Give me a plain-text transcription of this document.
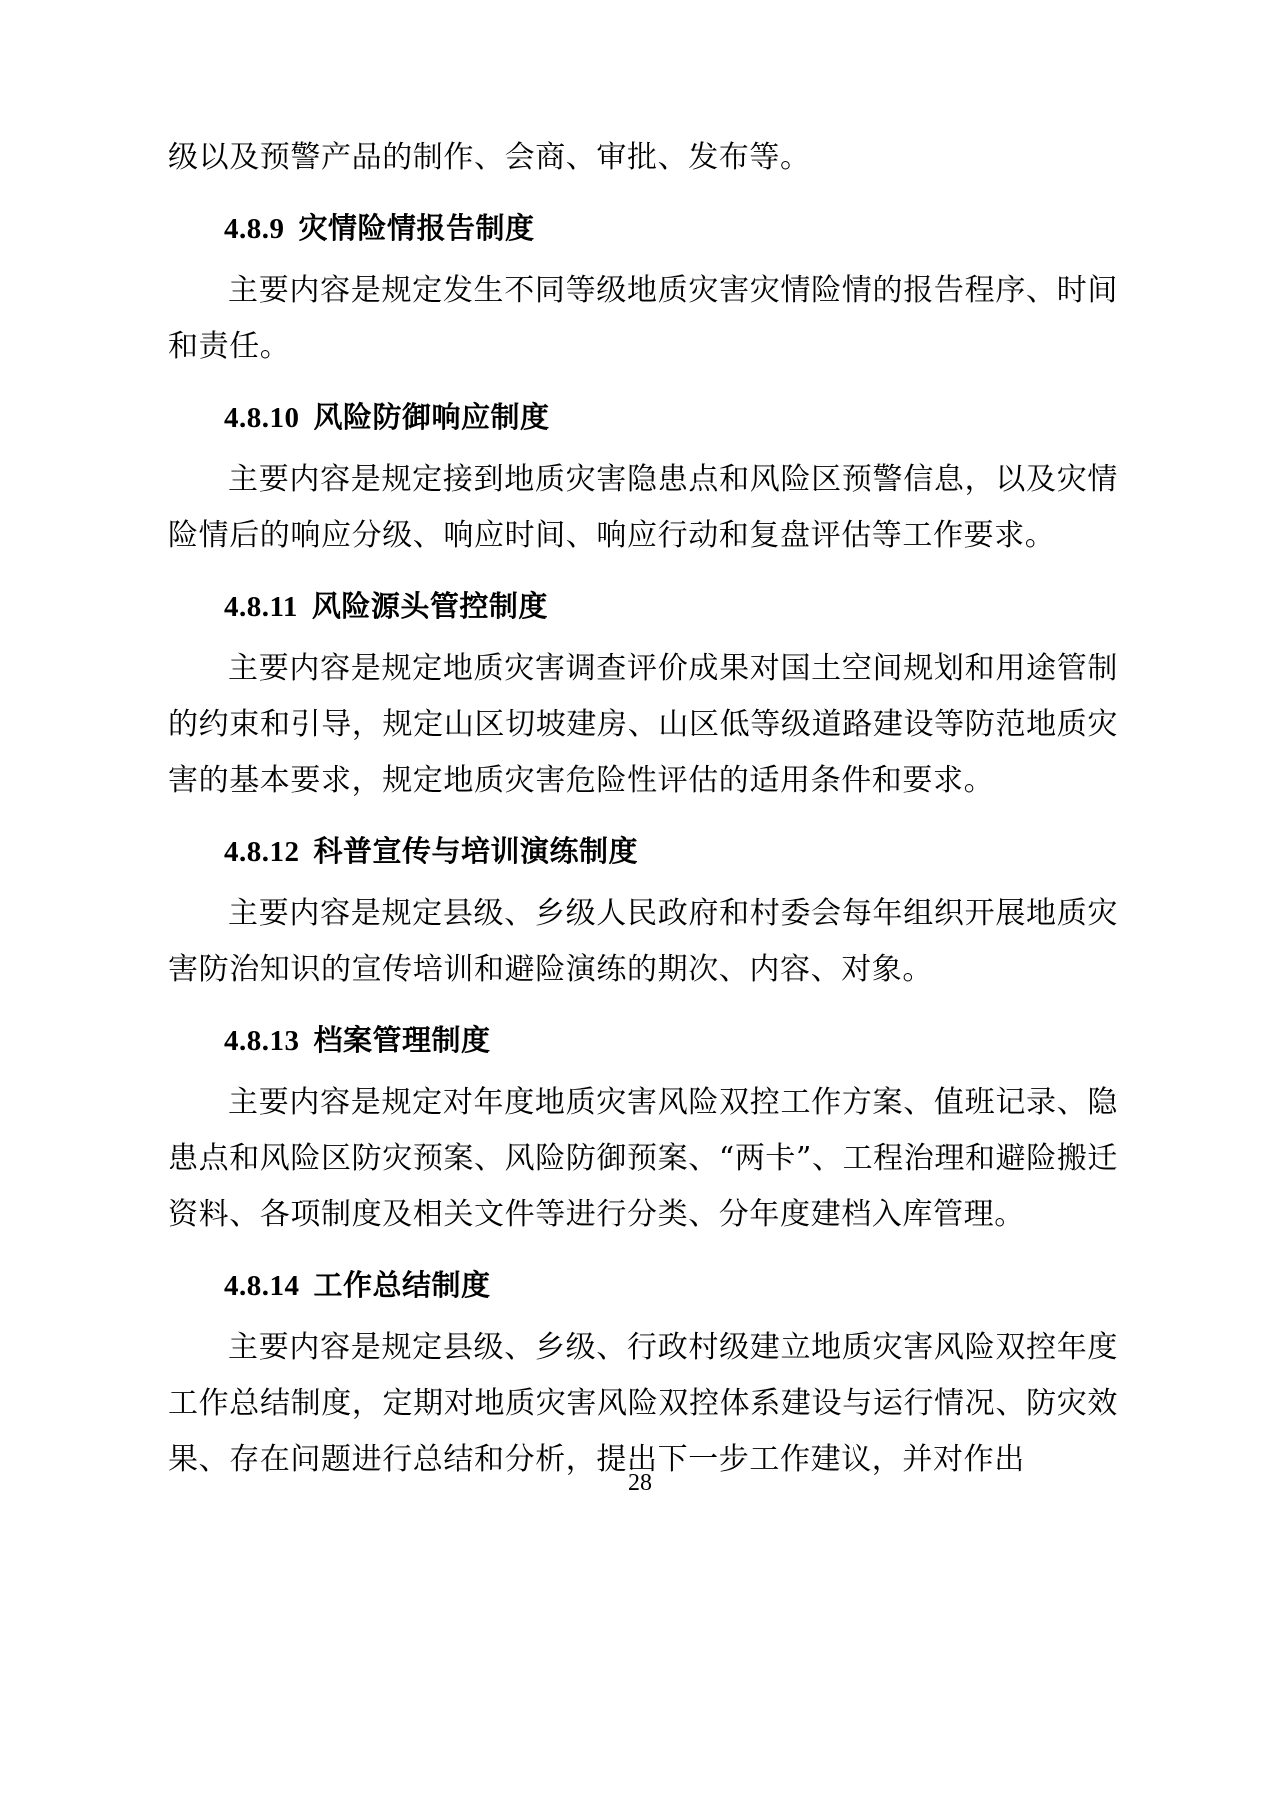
级以及预警产品的制作、会商、审批、发布等。

4.8.9 灾情险情报告制度

主要内容是规定发生不同等级地质灾害灾情险情的报告程序、时间和责任。

4.8.10 风险防御响应制度

主要内容是规定接到地质灾害隐患点和风险区预警信息，以及灾情险情后的响应分级、响应时间、响应行动和复盘评估等工作要求。

4.8.11 风险源头管控制度

主要内容是规定地质灾害调查评价成果对国土空间规划和用途管制的约束和引导，规定山区切坡建房、山区低等级道路建设等防范地质灾害的基本要求，规定地质灾害危险性评估的适用条件和要求。

4.8.12 科普宣传与培训演练制度

主要内容是规定县级、乡级人民政府和村委会每年组织开展地质灾害防治知识的宣传培训和避险演练的期次、内容、对象。

4.8.13 档案管理制度

主要内容是规定对年度地质灾害风险双控工作方案、值班记录、隐患点和风险区防灾预案、风险防御预案、“两卡”、工程治理和避险搬迁资料、各项制度及相关文件等进行分类、分年度建档入库管理。

4.8.14 工作总结制度

主要内容是规定县级、乡级、行政村级建立地质灾害风险双控年度工作总结制度，定期对地质灾害风险双控体系建设与运行情况、防灾效果、存在问题进行总结和分析，提出下一步工作建议，并对作出

28
